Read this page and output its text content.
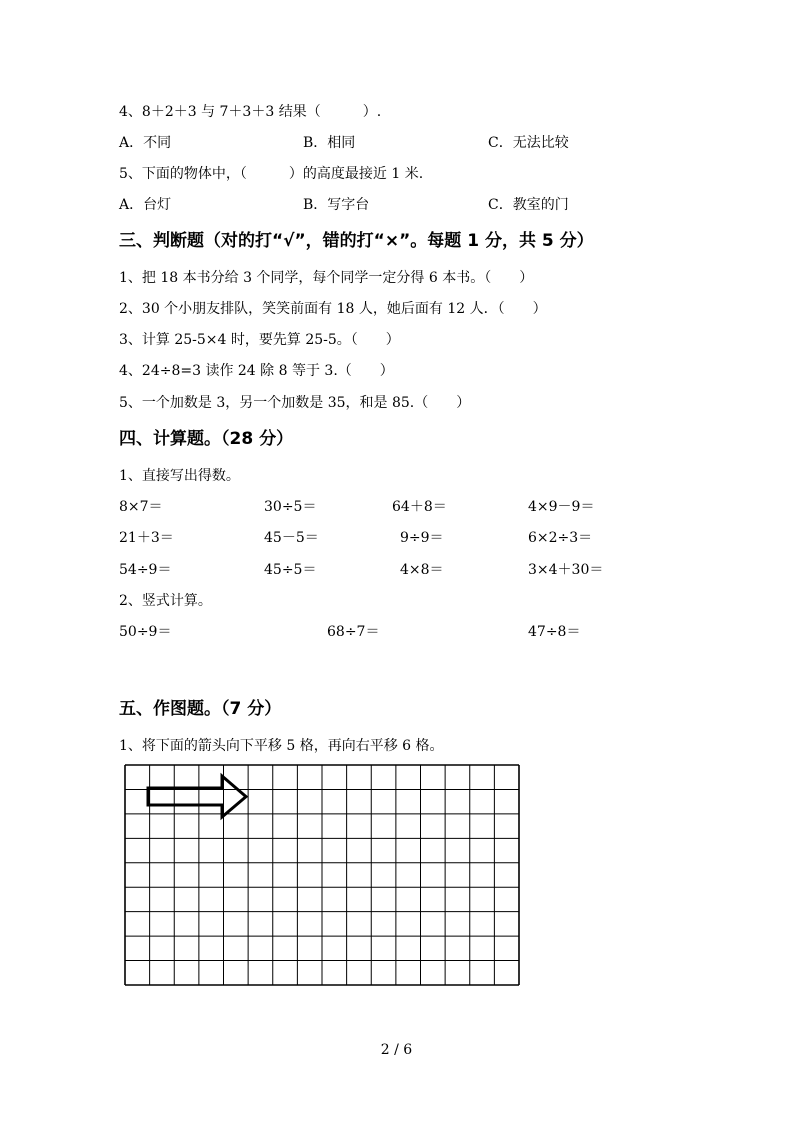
4、8＋2＋3 与 7＋3＋3 结果（　　　）.
A．不同	B．相同	C．无法比较
5、下面的物体中，（　　　）的高度最接近 1 米.
A．台灯	B．写字台	C．教室的门
三、判断题（对的打“√”，错的打“×”。每题 1 分，共 5 分）
1、把 18 本书分给 3 个同学，每个同学一定分得 6 本书。（　　）
2、30 个小朋友排队，笑笑前面有 18 人，她后面有 12 人．（　　）
3、计算 25-5×4 时，要先算 25-5。（　　）
4、24÷8=3 读作 24 除 8 等于 3.（　　）
5、一个加数是 3，另一个加数是 35，和是 85.（　　）
四、计算题。（28 分）
1、直接写出得数。
8×7＝	30÷5＝	64＋8＝	4×9－9＝
21＋3＝	45－5＝	9÷9＝	6×2÷3＝
54÷9＝	45÷5＝	4×8＝	3×4＋30＝
2、竖式计算。
50÷9＝	68÷7＝	47÷8＝
五、作图题。（7 分）
1、将下面的箭头向下平移 5 格，再向右平移 6 格。
2 / 6
